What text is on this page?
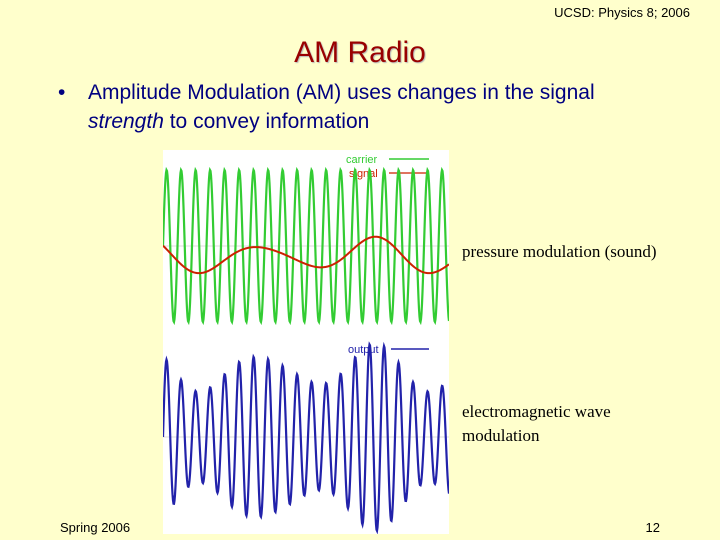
UCSD: Physics 8; 2006
AM Radio
• Amplitude Modulation (AM) uses changes in the signal strength to convey information
carrier
signal
output
pressure modulation (sound)
electromagnetic wave modulation
Spring 2006	12
